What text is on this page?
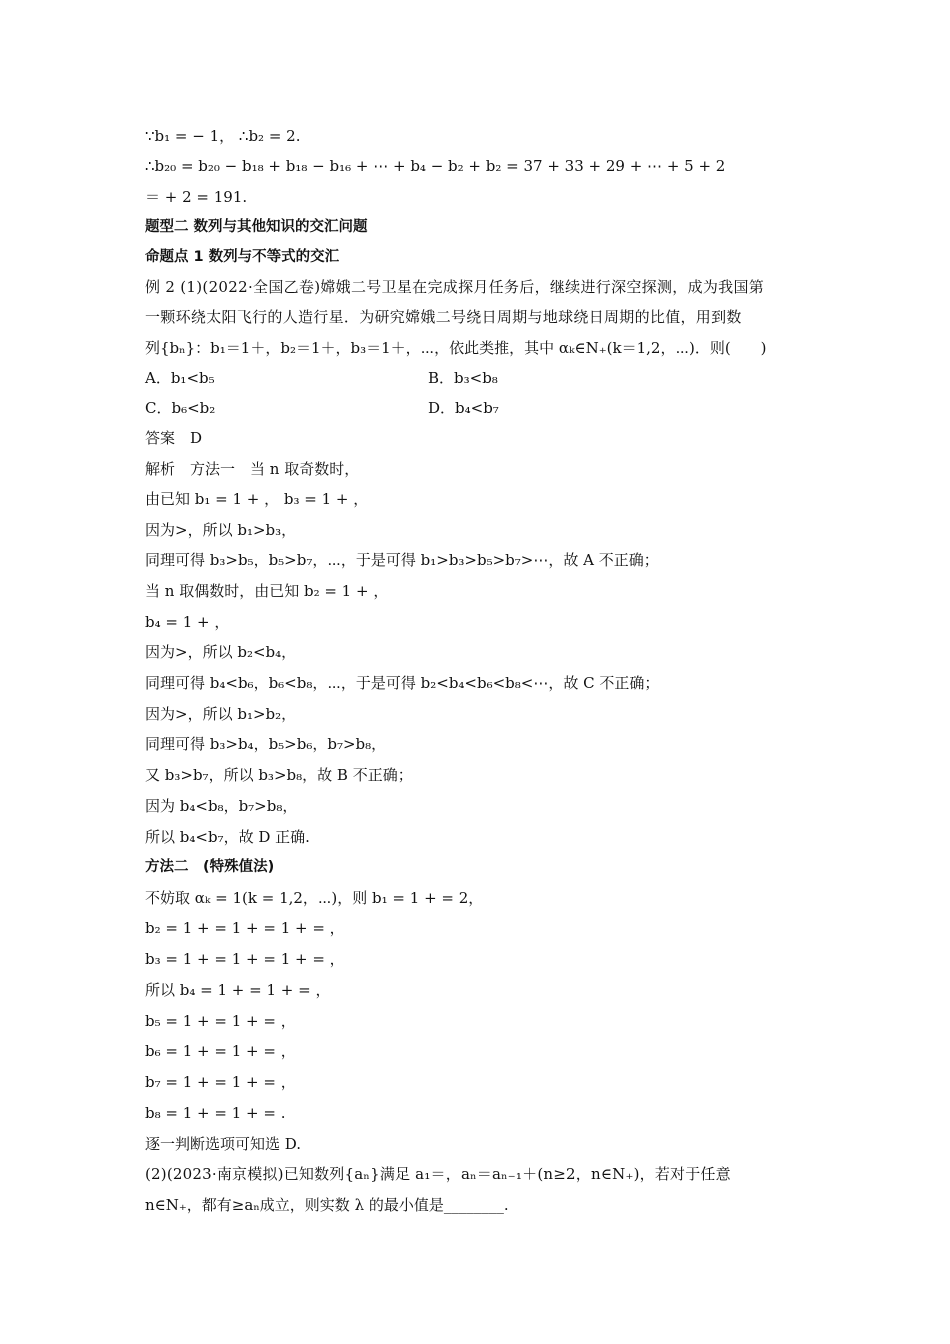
∵b₁ = − 1， ∴b₂ = 2.
∴b₂₀ = b₂₀ − b₁₈ + b₁₈ − b₁₆ + ⋯ + b₄ − b₂ + b₂ = 37 + 33 + 29 + ⋯ + 5 + 2
＝ + 2 = 191.
题型二 数列与其他知识的交汇问题
命题点 1 数列与不等式的交汇
例 2 (1)(2022·全国乙卷)嫦娥二号卫星在完成探月任务后，继续进行深空探测，成为我国第
一颗环绕太阳飞行的人造行星．为研究嫦娥二号绕日周期与地球绕日周期的比值，用到数
列{bₙ}：b₁＝1＋，b₂＝1＋，b₃＝1＋，⋯，依此类推，其中 αₖ∈N₊(k＝1,2，⋯)．则(　　)
A．b₁<b₅	B．b₃<b₈
C．b₆<b₂	D．b₄<b₇
答案　D
解析　方法一　当 n 取奇数时，
由已知 b₁ = 1 + ， b₃ = 1 + ，
因为>，所以 b₁>b₃，
同理可得 b₃>b₅，b₅>b₇，⋯，于是可得 b₁>b₃>b₅>b₇>⋯，故 A 不正确；
当 n 取偶数时，由已知 b₂ = 1 + ，
b₄ = 1 + ，
因为>，所以 b₂<b₄，
同理可得 b₄<b₆，b₆<b₈，⋯，于是可得 b₂<b₄<b₆<b₈<⋯，故 C 不正确；
因为>，所以 b₁>b₂，
同理可得 b₃>b₄，b₅>b₆，b₇>b₈，
又 b₃>b₇，所以 b₃>b₈，故 B 不正确；
因为 b₄<b₈，b₇>b₈，
所以 b₄<b₇，故 D 正确.
方法二　(特殊值法)
不妨取 αₖ = 1(k = 1,2，⋯)，则 b₁ = 1 + = 2，
b₂ = 1 + = 1 + = 1 + = ，
b₃ = 1 + = 1 + = 1 + = ，
所以 b₄ = 1 + = 1 + = ，
b₅ = 1 + = 1 + = ，
b₆ = 1 + = 1 + = ，
b₇ = 1 + = 1 + = ，
b₈ = 1 + = 1 + = .
逐一判断选项可知选 D.
(2)(2023·南京模拟)已知数列{aₙ}满足 a₁＝，aₙ＝aₙ₋₁＋(n≥2，n∈N₊)，若对于任意
n∈N₊，都有≥aₙ成立，则实数 λ 的最小值是________.
